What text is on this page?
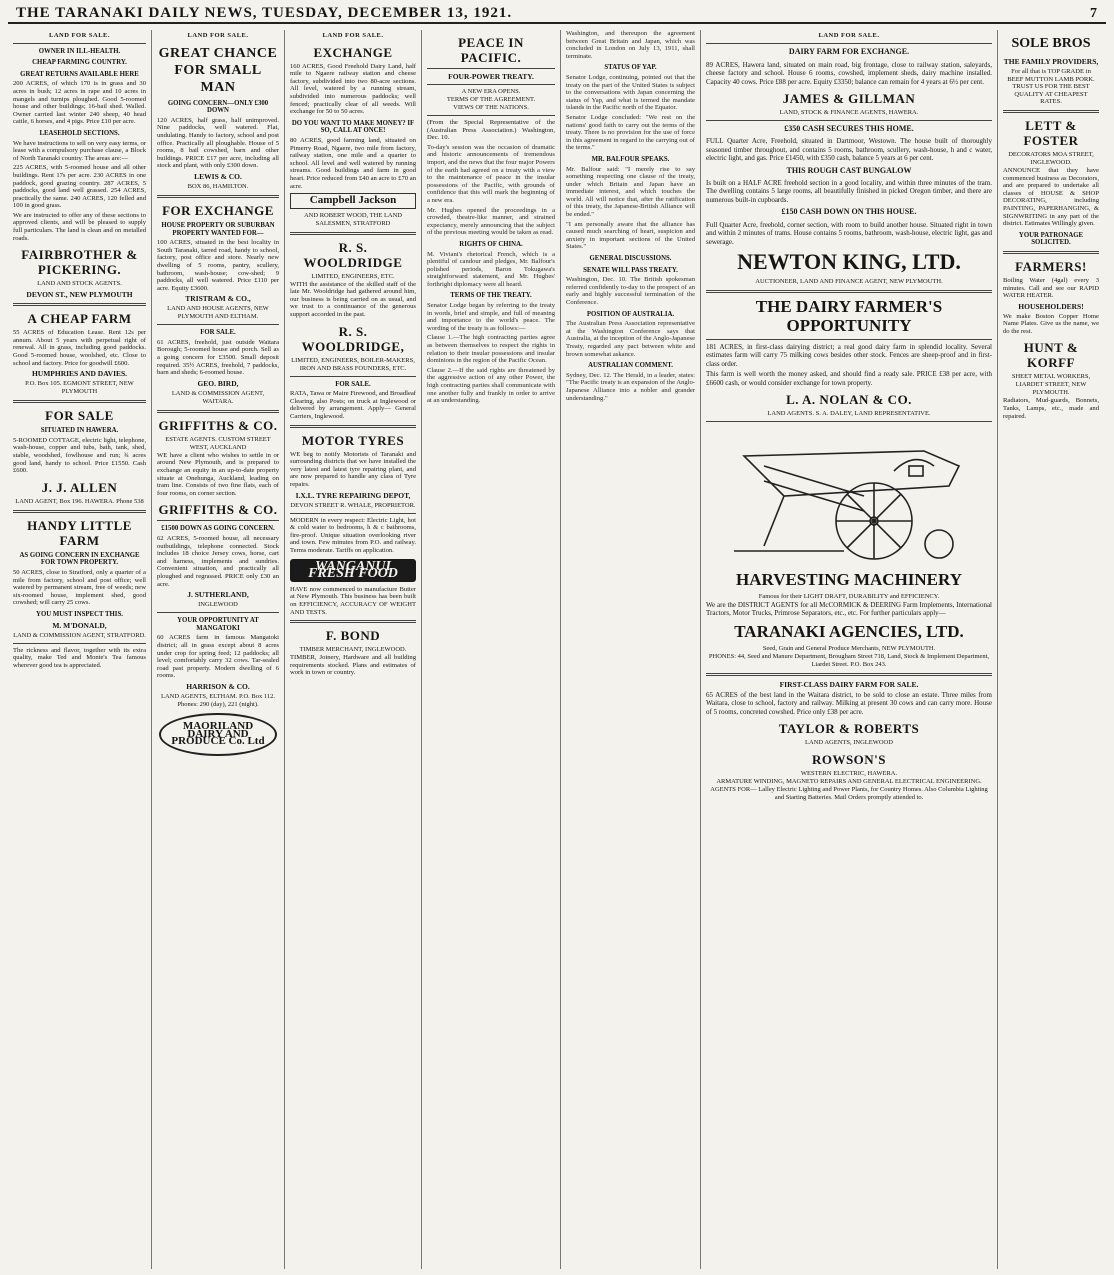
THE TARANAKI DAILY NEWS, TUESDAY, DECEMBER 13, 1921.	7
LAND FOR SALE.
OWNER IN ILL-HEALTH.
CHEAP FARMING COUNTRY.
GREAT RETURNS AVAILABLE HERE

200 ACRES, of which 170 is in grass and 30 acres in bush; 12 acres in rape and 10 acres in mangels and turnips ploughed. Good 5-roomed house and other buildings; 16-bail shed. Walled. Owner carried last winter 240 sheep, 40 head cattle, 6 horses, and 4 pigs. Price £10 per acre.

LEASEHOLD SECTIONS.

We have instructions to sell on very easy terms, or lease with a compulsory purchase clause, a Block of North Taranaki country. The areas are:—

225 ACRES, with 5-roomed house and all other buildings. Rent 17s per acre. 230 ACRES in one paddock, good grazing country. 287 ACRES, 5 paddocks, good land well grassed. 254 ACRES, practically the same. 240 ACRES, 120 felled and 100 in good grass.

We are instructed to offer any of these sections to approved clients, and will be pleased to supply full particulars. The land is clean and on metalled roads.

FAIRBROTHER & PICKERING.
LAND AND STOCK AGENTS.
DEVON ST., NEW PLYMOUTH
A CHEAP FARM

55 ACRES of Education Lease. Rent 12s per annum. About 5 years with perpetual right of renewal. All in grass, including good paddocks. Good 5-roomed house, woolshed, etc. Close to school and factory. Price for goodwill £600.

HUMPHRIES AND DAVIES.
P.O. Box 105. EGMONT STREET, NEW PLYMOUTH
FOR SALE
SITUATED IN HAWERA.

5-ROOMED COTTAGE, electric light, telephone, wash-house, copper and tubs, bath, tank, shed, stable, woodshed, fowlhouse and run; ¾ acres good land, handy to school. Price £1550. Cash £600.

J. J. ALLEN
LAND AGENT, Box 196. HAWERA. Phone 538
HANDY LITTLE FARM
AS GOING CONCERN IN EXCHANGE FOR TOWN PROPERTY.

50 ACRES, close to Stratford, only a quarter of a mile from factory, school and post office; well watered by permanent stream, free of weeds; new six-roomed house, implement shed, good cowshed; will carry 25 cows.

YOU MUST INSPECT THIS.
M. M'DONALD,
LAND & COMMISSION AGENT, STRATFORD.

The rickness and flavor, together with its extra quality, make Ted and Monte's Tea famous wherever good tea is appreciated.

LAND FOR SALE.
GREAT CHANCE FOR SMALL MAN
GOING CONCERN—ONLY £300 DOWN

120 ACRES, half grass, half unimproved. Nine paddocks, well watered. Flat, undulating. Handy to factory, school and post office. Practically all ploughable. House of 5 rooms, 8 bail cowshed, barn and other buildings. PRICE £17 per acre, including all stock and plant, with only £300 down.

LEWIS & CO.
BOX 86, HAMILTON.
FOR EXCHANGE
HOUSE PROPERTY OR SUBURBAN PROPERTY WANTED FOR—

100 ACRES, situated in the best locality in South Taranaki, tarred road, handy to school, factory, post office and store. Nearly new dwelling of 5 rooms, pantry, scullery, bathroom, wash-house; cow-shed; 9 paddocks, all well watered. Price £110 per acre. Equity £3600.

TRISTRAM & CO.,
LAND AND HOUSE AGENTS, NEW PLYMOUTH AND ELTHAM.
FOR SALE.

61 ACRES, freehold, just outside Waitara Borough; 5-roomed house and porch. Sell as a going concern for £3500. Small deposit required. 35½ ACRES, freehold, 7 paddocks, barn and sheds; 6-roomed house.

GEO. BIRD,
LAND & COMMISSION AGENT, WAITARA.
GRIFFITHS & CO.
ESTATE AGENTS. CUSTOM STREET WEST, AUCKLAND

WE have a client who wishes to settle in or around New Plymouth, and is prepared to exchange an equity in an up-to-date property situate at Onehunga, Auckland, leading on tram line. Consists of two fine flats, each of four rooms, on corner section.

GRIFFITHS & CO.
£1500 DOWN AS GOING CONCERN.

62 ACRES, 5-roomed house, all necessary outbuildings, telephone connected. Stock includes 18 choice Jersey cows, horse, cart and harness, implements and sundries. Convenient situation, and practically all ploughed and regrassed. PRICE only £30 an acre.

J. SUTHERLAND,
INGLEWOOD
YOUR OPPORTUNITY AT MANGATOKI

60 ACRES farm in famous Mangatoki district; all in grass except about 8 acres under crop for spring feed; 12 paddocks; all level; comfortably carry 32 cows. Tar-sealed road past property. Modern dwelling of 6 rooms.

HARRISON & CO.
LAND AGENTS, ELTHAM. P.O. Box 112. Phones: 290 (day), 221 (night).
MAORILAND DAIRY AND PRODUCE Co. Ltd
LAND FOR SALE.
EXCHANGE

160 ACRES, Good Freehold Dairy Land, half mile to Ngaere railway station and cheese factory, subdivided into two 80-acre sections. All level, watered by a running stream, subdivided into numerous paddocks; well fenced; practically clear of all weeds. Will exchange for 50 to 50 acres.

DO YOU WANT TO MAKE MONEY? IF SO, CALL AT ONCE!

80 ACRES, good farming land, situated on Pimerry Road, Ngaere, two mile from factory, railway station, one mile and a quarter to school. All level and well watered by running streams. Good buildings and farm in good heart. Price reduced from £40 an acre to £70 an acre.

Campbell Jackson
AND ROBERT WOOD, THE LAND SALESMEN, STRATFORD
R. S. WOOLDRIDGE
LIMITED, ENGINEERS, ETC.

WITH the assistance of the skilled staff of the late Mr. Wooldridge had gathered around him, our business is being carried on as usual, and we trust to a continuance of the generous support accorded in the past.

R. S. WOOLDRIDGE,
LIMITED, ENGINEERS, BOILER-MAKERS, IRON AND BRASS FOUNDERS, ETC.
FOR SALE.

RATA, Tawa or Maire Firewood, and Broadleaf Clearing, also Posts; on truck at Inglewood or delivered by arrangement. Apply— General Carriers, Inglewood.

MOTOR TYRES

WE beg to notify Motorists of Taranaki and surrounding districts that we have installed the very latest and latest tyre repairing plant, and are now prepared to handle any class of Tyre repairs.

I.X.L. TYRE REPAIRING DEPOT,
DEVON STREET R. WHALE, PROPRIETOR.

MODERN in every respect: Electric Light, hot & cold water to bedrooms, h & c bathrooms, fire-proof. Unique situation overlooking river and town. Few minutes from P.O. and railway. Terms moderate. Tariffs on application.

WANGANUI FRESH FOOD

HAVE now commenced to manufacture Butter at New Plymouth. This business has been built on EFFICIENCY, ACCURACY OF WEIGHT AND TESTS.

F. BOND
TIMBER MERCHANT, INGLEWOOD.

TIMBER, Joinery, Hardware and all building requirements stocked. Plans and estimates of work in town or country.

PEACE IN PACIFIC.
FOUR-POWER TREATY.
A NEW ERA OPENS.
TERMS OF THE AGREEMENT.
VIEWS OF THE NATIONS.

(From the Special Representative of the (Australian Press Association.) Washington, Dec. 10.

To-day's session was the occasion of dramatic and historic announcements of tremendous import, and the news that the four major Powers of the earth had agreed on a treaty with a view to the maintenance of peace in the insular possessions of the Pacific, with grounds of confidence that this will mark the beginning of a new era.

Mr. Hughes opened the proceedings in a crowded, theatre-like manner, and strained expectancy, merely announcing that the subject of the previous meeting would be taken as read.

RIGHTS OF CHINA.

M. Viviani's rhetorical French, which is a plentiful of candour and pledges, Mr. Balfour's polished periods, Baron Tokugawa's straightforward statement, and Mr. Hughes' forthright diplomacy were all heard.

TERMS OF THE TREATY.

Senator Lodge began by referring to the treaty in words, brief and simple, and full of meaning and importance to the world's peace. The wording of the treaty is as follows:—

Clause 1.—The high contracting parties agree as between themselves to respect the rights in relation to their insular possessions and insular dominions in the region of the Pacific Ocean.

Clause 2.—If the said rights are threatened by the aggressive action of any other Power, the high contracting parties shall communicate with one another fully and frankly in order to arrive at an understanding.

Washington, and thereupon the agreement between Great Britain and Japan, which was concluded in London on July 13, 1911, shall terminate.

STATUS OF YAP.

Senator Lodge, continuing, pointed out that the treaty on the part of the United States is subject to the conversations with Japan concerning the status of Yap, and what is termed the mandate islands in the Pacific north of the Equator.

Senator Lodge concluded: "We rest on the nations' good faith to carry out the terms of the treaty. There is no provision for the use of force in this agreement in regard to the carrying out of the terms."

MR. BALFOUR SPEAKS.

Mr. Balfour said: "I merely rise to say something respecting one clause of the treaty, under which Britain and Japan have an immediate interest, and which touches the world. All will notice that, after the ratification of this treaty, the Japanese-British Alliance will be ended."

"I am personally aware that the alliance has caused much searching of heart, suspicion and anxiety in important sections of the United States."

GENERAL DISCUSSIONS.
SENATE WILL PASS TREATY.

Washington, Dec. 10. The British spokesman referred confidently to-day to the prospect of an early and highly successful termination of the Conference.

POSITION OF AUSTRALIA.

The Australian Press Association representative at the Washington Conference says that Australia, at the inception of the Anglo-Japanese Treaty, regarded any pact between white and brown somewhat askance.

AUSTRALIAN COMMENT.

Sydney, Dec. 12. The Herald, in a leader, states: "The Pacific treaty is an expansion of the Anglo-Japanese Alliance into a nobler and grander understanding."

LAND FOR SALE.
DAIRY FARM FOR EXCHANGE.

89 ACRES, Hawera land, situated on main road, big frontage, close to railway station, saleyards, cheese factory and school. House 6 rooms, cowshed, implement sheds, dairy machine installed. Capacity 40 cows. Price £88 per acre. Equity £3350; balance can remain for 4 years at 6½ per cent.

JAMES & GILLMAN
LAND, STOCK & FINANCE AGENTS, HAWERA.
£350 CASH SECURES THIS HOME.

FULL Quarter Acre, Freehold, situated in Dartmoor, Westown. The house built of thoroughly seasoned timber throughout, and contains 5 rooms, bathroom, scullery, wash-house, h and c water, electric light, and gas. Price £1450, with £350 cash, balance 5 years at 6 per cent.

THIS ROUGH CAST BUNGALOW

Is built on a HALF ACRE freehold section in a good locality, and within three minutes of the tram. The dwelling contains 5 large rooms, all beautifully finished in picked Oregon timber, and there are numerous built-in cupboards.

£150 CASH DOWN ON THIS HOUSE.

Full Quarter Acre, freehold, corner section, with room to build another house. Situated right in town and within 2 minutes of trams. House contains 5 rooms, bathroom, wash-house, electric light, gas and sewerage.

NEWTON KING, LTD.
AUCTIONEER, LAND AND FINANCE AGENT, NEW PLYMOUTH.
THE DAIRY FARMER'S OPPORTUNITY

181 ACRES, in first-class dairying district; a real good dairy farm in splendid locality. Several estimates farm will carry 75 milking cows besides other stock. Fences are sheep-proof and in first-class order.

This farm is well worth the money asked, and should find a ready sale. PRICE £38 per acre, with £6600 cash, or would consider exchange for town property.

L. A. NOLAN & CO.
LAND AGENTS. S. A. DALEY, LAND REPRESENTATIVE.
HARVESTING MACHINERY
Famous for their LIGHT DRAFT, DURABILITY and EFFICIENCY.

We are the DISTRICT AGENTS for all McCORMICK & DEERING Farm Implements, International Tractors, Motor Trucks, Primrose Separators, etc., etc. For further particulars apply—

TARANAKI AGENCIES, LTD.
Seed, Grain and General Produce Merchants, NEW PLYMOUTH.
PHONES: 44, Seed and Manure Department, Brougham Street 718, Land, Stock & Implement Department, Liardet Street. P.O. Box 243.
FIRST-CLASS DAIRY FARM FOR SALE.

65 ACRES of the best land in the Waitara district, to be sold to close an estate. Three miles from Waitara, close to school, factory and railway. Milking at present 30 cows and can carry more. House of 5 rooms, concreted cowshed. Price only £38 per acre.

TAYLOR & ROBERTS
LAND AGENTS, INGLEWOOD
ROWSON'S
WESTERN ELECTRIC, HAWERA.
ARMATURE WINDING, MAGNETO REPAIRS AND GENERAL ELECTRICAL ENGINEERING.
AGENTS FOR— Lalley Electric Lighting and Power Plants, for Country Homes. Also Columbia Lighting and Starting Batteries. Mail Orders promptly attended to.
SOLE BROS
THE FAMILY PROVIDERS,

For all that is TOP GRADE in BEEF MUTTON LAMB PORK. TRUST US FOR THE BEST QUALITY AT CHEAPEST RATES.

LETT & FOSTER
DECORATORS MOA STREET, INGLEWOOD.

ANNOUNCE that they have commenced business as Decorators, and are prepared to undertake all classes of HOUSE & SHOP DECORATING, including PAINTING, PAPERHANGING, & SIGNWRITING in any part of the district. Estimates Willingly given.

YOUR PATRONAGE SOLICITED.
FARMERS!

Boiling Water (4gal) every 3 minutes. Call and see our RAPID WATER HEATER.

HOUSEHOLDERS!

We make Boston Copper Home Name Plates. Give us the name, we do the rest.

HUNT & KORFF
SHEET METAL WORKERS, LIARDET STREET, NEW PLYMOUTH.

Radiators, Mud-guards, Bonnets, Tanks, Lamps, etc., made and repaired.
